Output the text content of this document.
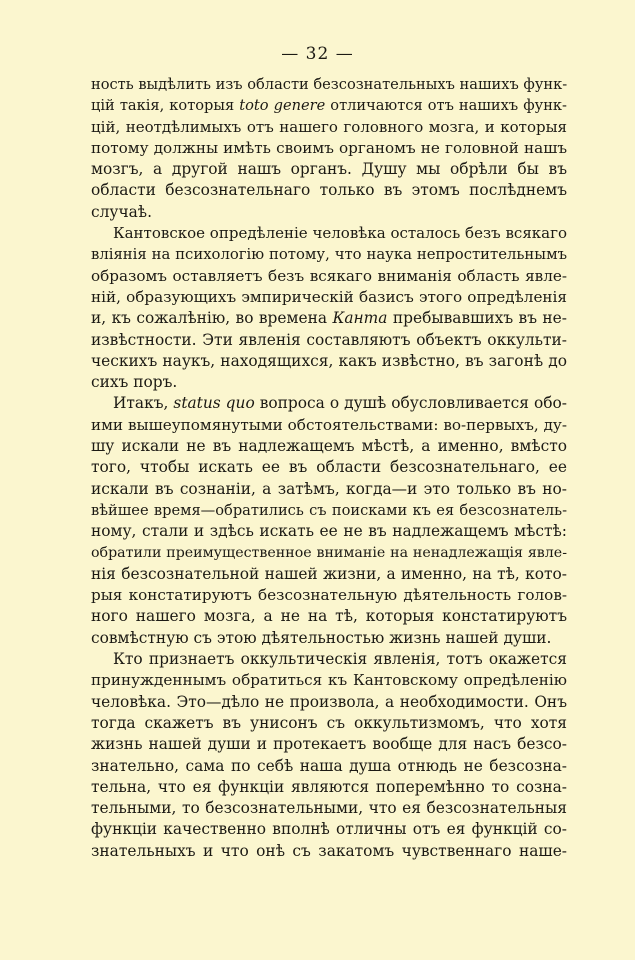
— 32 —
ность выдѣлить изъ области безсознательныхъ нашихъ функ-
цій такія, которыя toto genere отличаются отъ нашихъ функ-
цій, неотдѣлимыхъ отъ нашего головного мозга, и которыя
потому должны имѣть своимъ органомъ не головной нашъ
мозгъ, а другой нашъ органъ. Душу мы обрѣли бы въ
области безсознательнаго только въ этомъ послѣднемъ
случаѣ.
Кантовское опредѣленіе человѣка осталось безъ всякаго
вліянія на психологію потому, что наука непростительнымъ
образомъ оставляетъ безъ всякаго вниманія область явле-
ній, образующихъ эмпирическій базисъ этого опредѣленія
и, къ сожалѣнію, во времена Канта пребывавшихъ въ не-
извѣстности. Эти явленія составляютъ объектъ оккульти-
ческихъ наукъ, находящихся, какъ извѣстно, въ загонѣ до
сихъ поръ.
Итакъ, status quo вопроса о душѣ обусловливается обо-
ими вышеупомянутыми обстоятельствами: во-первыхъ, ду-
шу искали не въ надлежащемъ мѣстѣ, а именно, вмѣсто
того, чтобы искать ее въ области безсознательнаго, ее
искали въ сознаніи, а затѣмъ, когда—и это только въ но-
вѣйшее время—обратились съ поисками къ ея безсознатель-
ному, стали и здѣсь искать ее не въ надлежащемъ мѣстѣ:
обратили преимущественное вниманіе на ненадлежащія явле-
нія безсознательной нашей жизни, а именно, на тѣ, кото-
рыя констатируютъ безсознательную дѣятельность голов-
ного нашего мозга, а не на тѣ, которыя констатируютъ
совмѣстную съ этою дѣятельностью жизнь нашей души.
Кто признаетъ оккультическія явленія, тотъ окажется
принужденнымъ обратиться къ Кантовскому опредѣленію
человѣка. Это—дѣло не произвола, а необходимости. Онъ
тогда скажетъ въ унисонъ съ оккультизмомъ, что хотя
жизнь нашей души и протекаетъ вообще для насъ безсо-
знательно, сама по себѣ наша душа отнюдь не безсозна-
тельна, что ея функціи являются поперемѣнно то созна-
тельными, то безсознательными, что ея безсознательныя
функціи качественно вполнѣ отличны отъ ея функцій со-
знательныхъ и что онѣ съ закатомъ чувственнаго наше-
